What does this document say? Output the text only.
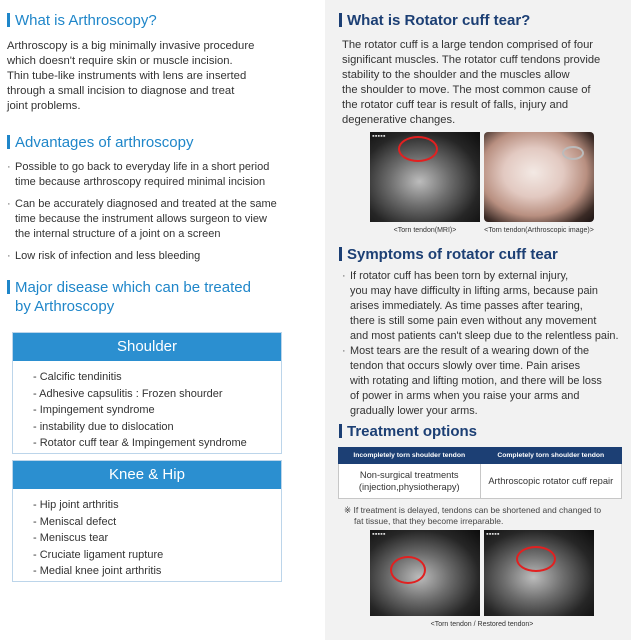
What is Arthroscopy?
Arthroscopy is a big minimally invasive procedure
which doesn't require skin or muscle incision.
Thin tube-like instruments with lens are inserted
through a small incision to diagnose and treat
joint problems.
Advantages of arthroscopy
· Possible to go back to everyday life in a short period
time because arthroscopy required minimal incision
· Can be accurately diagnosed and treated at the same
time because the instrument allows surgeon to view
the internal structure of a joint on a screen
· Low risk of infection and less bleeding
Major disease which can be treated
by Arthroscopy
Shoulder
- Calcific tendinitis
- Adhesive capsulitis : Frozen shourder
- Impingement syndrome
- instability due to dislocation
- Rotator cuff tear & Impingement syndrome
Knee & Hip
- Hip joint arthritis
- Meniscal defect
- Meniscus tear
- Cruciate ligament rupture
- Medial knee joint arthritis
What is Rotator cuff tear?
The rotator cuff is a large tendon comprised of four
significant muscles. The rotator cuff tendons provide
stability to the shoulder and the muscles allow
the shoulder to move. The most common cause of
the rotator cuff tear is result of falls, injury and
degenerative changes.
▪▪▪▪▪
<Torn tendon(MRI)>	<Torn tendon(Arthroscopic image)>
Symptoms of rotator cuff tear
· If rotator cuff has been torn by external injury,
you may have difficulty in lifting arms, because pain
arises immediately. As time passes after tearing,
there is still some pain even without any movement
and most patients can't sleep due to the relentless pain.
· Most tears are the result of a wearing down of the
tendon that occurs slowly over time. Pain arises
with rotating and lifting motion, and there will be loss
of power in arms when you raise your arms and
gradually lower your arms.
Treatment options
Incompletely torn shoulder tendon	Completely torn shoulder tendon

Non-surgical treatments
(injection,physiotherapy)	Arthroscopic rotator cuff repair
※ If treatment is delayed, tendons can be shortened and changed to
fat tissue, that they become irreparable.
▪▪▪▪▪	▪▪▪▪▪
<Torn tendon / Restored tendon>
